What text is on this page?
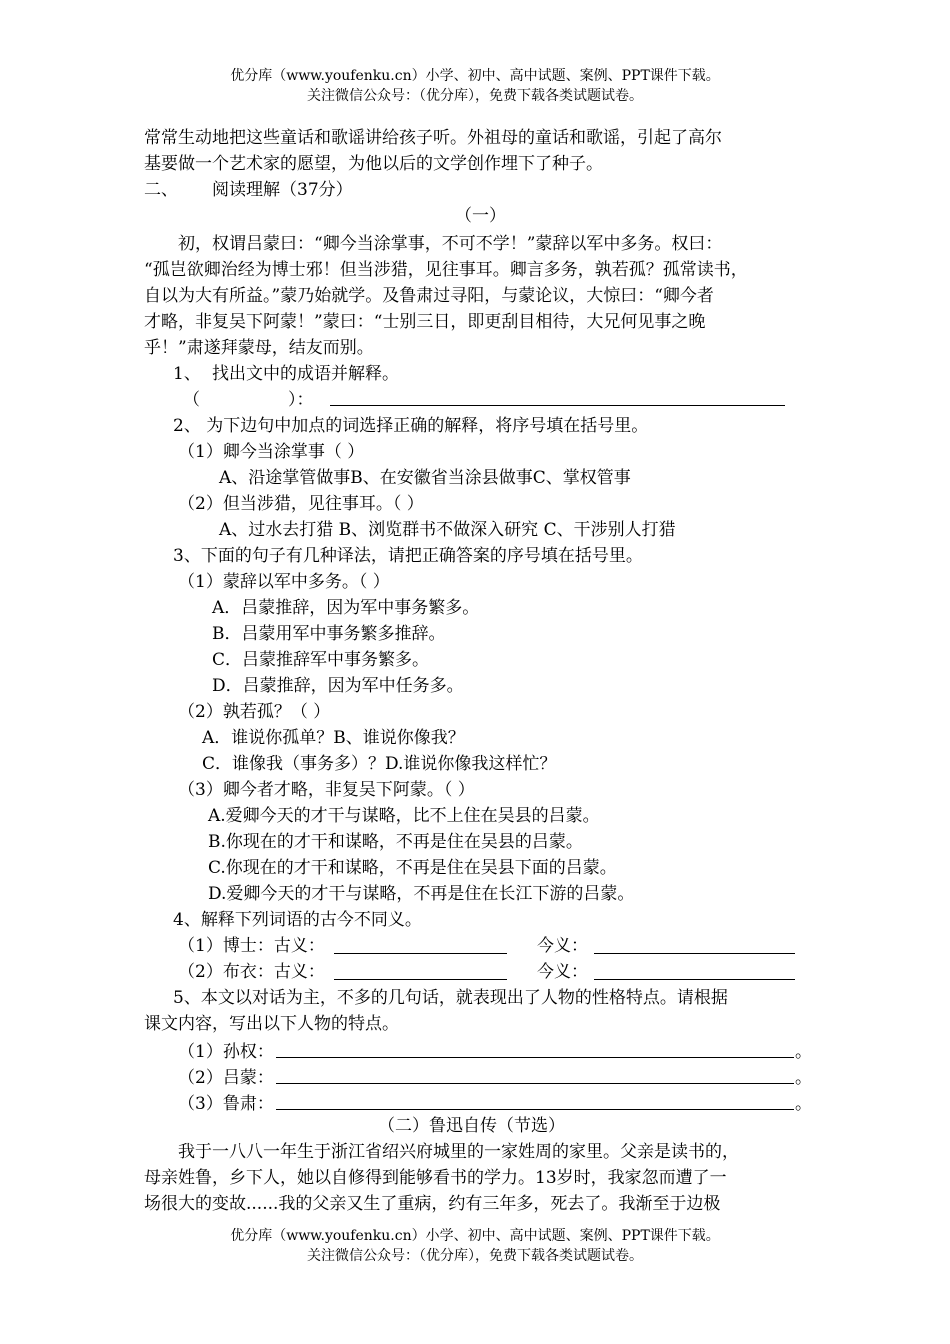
优分库（www.youfenku.cn）小学、初中、高中试题、案例、PPT课件下载。
关注微信公众号：（优分库），免费下载各类试题试卷。
常常生动地把这些童话和歌谣讲给孩子听。外祖母的童话和歌谣，引起了高尔
基要做一个艺术家的愿望，为他以后的文学创作埋下了种子。
二、 阅读理解（37分）
（一）
初，权谓吕蒙曰：“卿今当涂掌事，不可不学！”蒙辞以军中多务。权曰：
“孤岂欲卿治经为博士邪！但当涉猎，见往事耳。卿言多务，孰若孤？孤常读书，
自以为大有所益。”蒙乃始就学。及鲁肃过寻阳，与蒙论议，大惊曰：“卿今者
才略，非复吴下阿蒙！”蒙曰：“士别三日，即更刮目相待，大兄何见事之晚
乎！”肃遂拜蒙母，结友而别。
1、 找出文中的成语并解释。
（	）：
2、 为下边句中加点的词选择正确的解释，将序号填在括号里。
（1）卿今当涂掌事（ ）
A、沿途掌管做事B、在安徽省当涂县做事C、掌权管事
（2）但当涉猎，见往事耳。（ ）
A、过水去打猎 B、浏览群书不做深入研究 C、干涉别人打猎
3、下面的句子有几种译法，请把正确答案的序号填在括号里。
（1）蒙辞以军中多务。（ ）
A．吕蒙推辞，因为军中事务繁多。
B．吕蒙用军中事务繁多推辞。
C．吕蒙推辞军中事务繁多。
D．吕蒙推辞，因为军中任务多。
（2）孰若孤？（ ）
A．谁说你孤单？B、谁说你像我？
C．谁像我（事务多）？D.谁说你像我这样忙？
（3）卿今者才略，非复吴下阿蒙。（ ）
A.爱卿今天的才干与谋略，比不上住在吴县的吕蒙。
B.你现在的才干和谋略，不再是住在吴县的吕蒙。
C.你现在的才干和谋略，不再是住在吴县下面的吕蒙。
D.爱卿今天的才干与谋略，不再是住在长江下游的吕蒙。
4、解释下列词语的古今不同义。
（1）博士：古义：	今义：
（2）布衣：古义：	今义：
5、本文以对话为主，不多的几句话，就表现出了人物的性格特点。请根据
课文内容，写出以下人物的特点。
（1）孙权：	。
（2）吕蒙：	。
（3）鲁肃：	。
（二）鲁迅自传（节选）
我于一八八一年生于浙江省绍兴府城里的一家姓周的家里。父亲是读书的，
母亲姓鲁，乡下人，她以自修得到能够看书的学力。13岁时，我家忽而遭了一
场很大的变故......我的父亲又生了重病，约有三年多，死去了。我渐至于边极
优分库（www.youfenku.cn）小学、初中、高中试题、案例、PPT课件下载。
关注微信公众号：（优分库），免费下载各类试题试卷。
